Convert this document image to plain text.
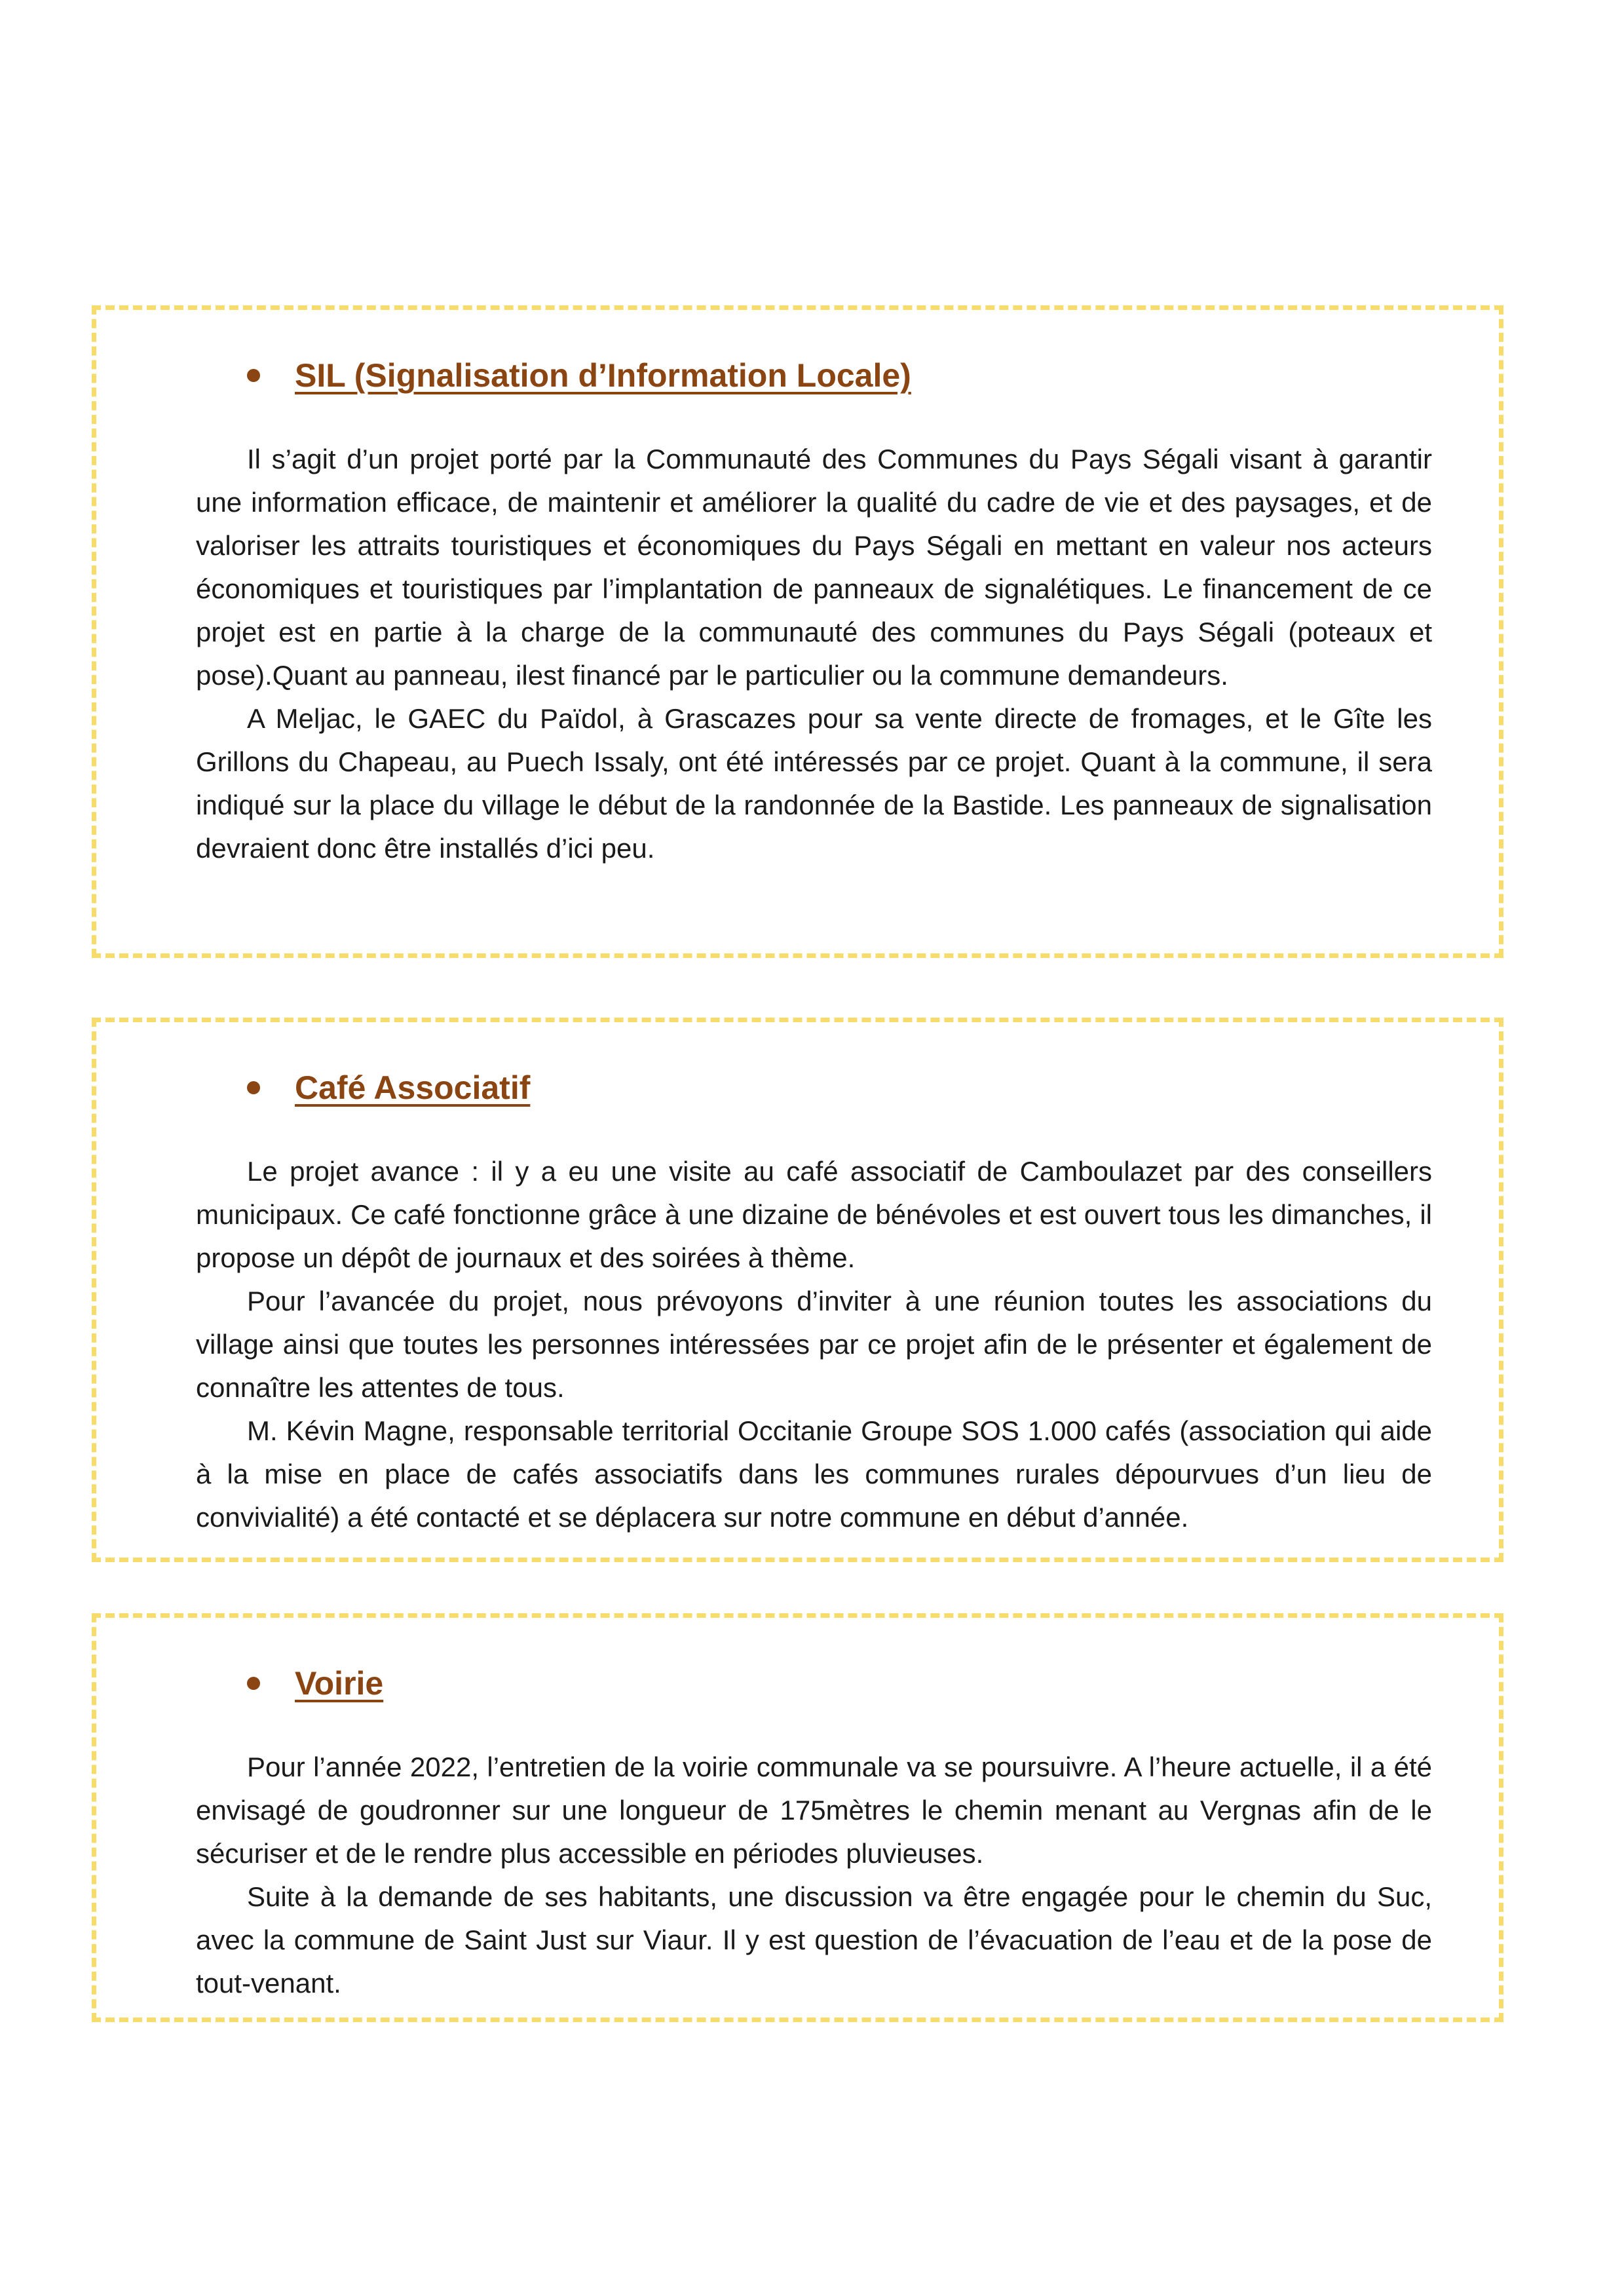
SIL (Signalisation d’Information Locale)

Il s’agit d’un projet porté par la Communauté des Communes du Pays Ségali visant à garantir une information efficace, de maintenir et améliorer la qualité du cadre de vie et des paysages, et de valoriser les attraits touristiques et économiques du Pays Ségali en mettant en valeur nos acteurs économiques et touristiques par l’implantation de panneaux de signalétiques. Le financement de ce projet est en partie à la charge de la communauté des communes du Pays Ségali (poteaux et pose).Quant au panneau, ilest financé par le particulier ou la commune demandeurs.

A Meljac, le GAEC du Païdol, à Grascazes pour sa vente directe de fromages, et le Gîte les Grillons du Chapeau, au Puech Issaly, ont été intéressés par ce projet. Quant à la commune, il sera indiqué sur la place du village le début de la randonnée de la Bastide. Les panneaux de signalisation devraient donc être installés d’ici peu.

Café Associatif

Le projet avance : il y a eu une visite au café associatif de Camboulazet par des conseillers municipaux. Ce café fonctionne grâce à une dizaine de bénévoles et est ouvert tous les dimanches, il propose un dépôt de journaux et des soirées à thème.

Pour l’avancée du projet, nous prévoyons d’inviter à une réunion toutes les associations du village ainsi que toutes les personnes intéressées par ce projet afin de le présenter et également de connaître les attentes de tous.

M. Kévin Magne, responsable territorial Occitanie Groupe SOS 1.000 cafés (association qui aide à la mise en place de cafés associatifs dans les communes rurales dépourvues d’un lieu de convivialité) a été contacté et se déplacera sur notre commune en début d’année.

Voirie

Pour l’année 2022, l’entretien de la voirie communale va se poursuivre. A l’heure actuelle, il a été envisagé de goudronner sur une longueur de 175mètres le chemin menant au Vergnas afin de le sécuriser et de le rendre plus accessible en périodes pluvieuses.

Suite à la demande de ses habitants, une discussion va être engagée pour le chemin du Suc, avec la commune de Saint Just sur Viaur. Il y est question de l’évacuation de l’eau et de la pose de tout-venant.
